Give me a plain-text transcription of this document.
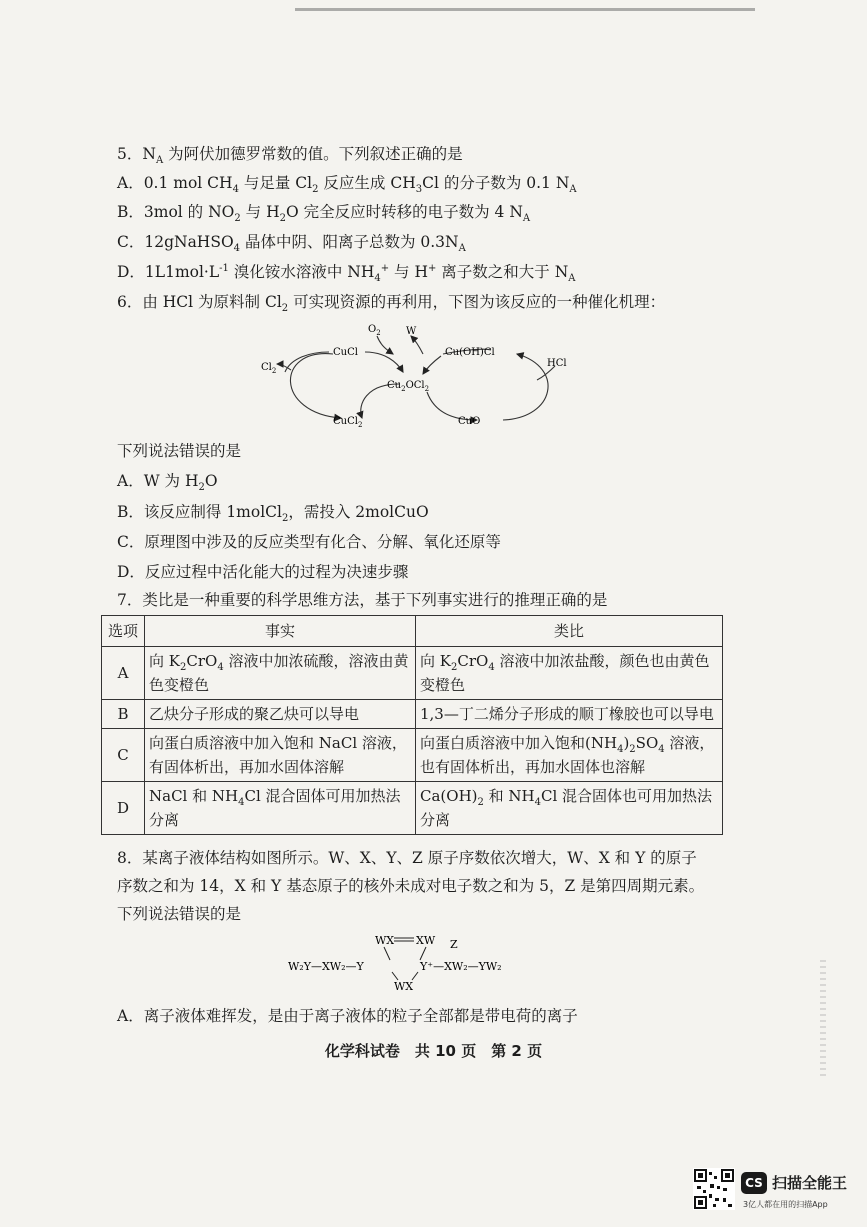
5．$N_A$ 为阿伏加德罗常数的值。下列叙述正确的是
A．0.1 mol $CH_4$ 与足量 $Cl_2$ 反应生成 $CH_3Cl$ 的分子数为 0.1 $N_A$
B．3mol 的 $NO_2$ 与 $H_2O$ 完全反应时转移的电子数为 4 $N_A$
C．12gNaHSO$_4$ 晶体中阴、阳离子总数为 $0.3N_A$
D．$1L1mol\cdot L^{-1}$ 溴化铵水溶液中 $NH_4^+$ 与 H+ 离子数之和大于 $N_A$
6．由 HCl 为原料制 $Cl_2$ 可实现资源的再利用，下图为该反应的一种催化机理：
$O_2$	W
CuCl	Cu(OH)Cl
HCl
$Cl_2$
$Cu_2OCl_2$
CuCl$_2$	CuO
下列说法错误的是
A．W 为 $H_2O$
B．该反应制得 1molCl$_2$，需投入 2molCuO
C．原理图中涉及的反应类型有化合、分解、氧化还原等
D．反应过程中活化能大的过程为决速步骤
7．类比是一种重要的科学思维方法，基于下列事实进行的推理正确的是
选项	事实	类比
A	向 $K_2CrO_4$ 溶液中加浓硫酸，溶液由黄色变橙色	向 $K_2CrO_4$ 溶液中加浓盐酸，颜色也由黄色变橙色
B	乙炔分子形成的聚乙炔可以导电	1,3—丁二烯分子形成的顺丁橡胶也可以导电
C	向蛋白质溶液中加入饱和 NaCl 溶液，有固体析出，再加水固体溶解	向蛋白质溶液中加入饱和$(NH_4)_2SO_4$ 溶液，也有固体析出，再加水固体也溶解
D	NaCl 和 $NH_4Cl$ 混合固体可用加热法分离	$Ca(OH)_2$ 和 $NH_4Cl$ 混合固体也可用加热法分离
8．某离子液体结构如图所示。W、X、Y、Z 原子序数依次增大，W、X 和 Y 的原子
序数之和为 14，X 和 Y 基态原子的核外未成对电子数之和为 5，Z 是第四周期元素。
下列说法错误的是
WX XW Z
W₂Y—XW₂—Y	Y⁺—XW₂—YW₂
WX
A．离子液体难挥发，是由于离子液体的粒子全部都是带电荷的离子
化学科试卷　共 10 页　第 2 页
CS 扫描全能王
3亿人都在用的扫描App
